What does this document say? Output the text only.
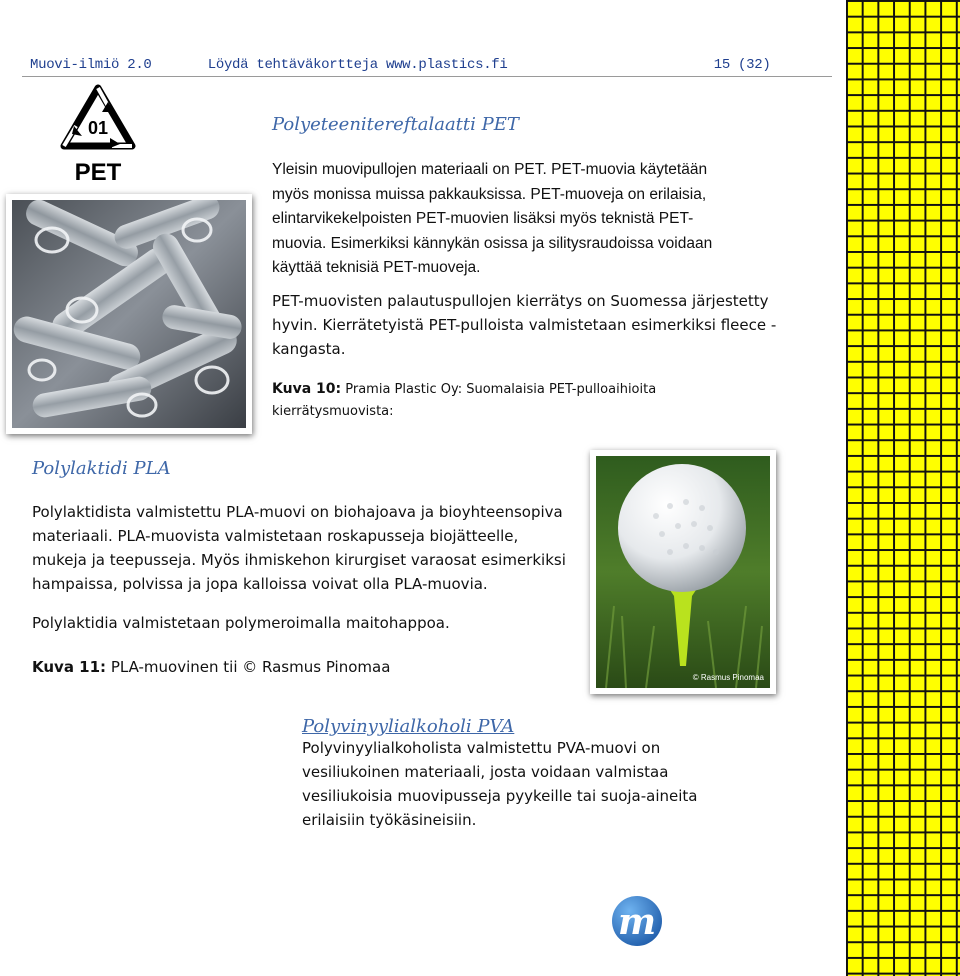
Muovi-ilmiö 2.0	Löydä tehtäväkortteja www.plastics.fi	15 (32)
01
PET
Polyeteenitereftalaatti PET
Yleisin muovipullojen materiaali on PET. PET-muovia käytetään
myös monissa muissa pakkauksissa. PET-muoveja on erilaisia,
elintarvikekelpoisten PET-muovien lisäksi myös teknistä PET-
muovia. Esimerkiksi kännykän osissa ja silitysraudoissa voidaan
käyttää teknisiä PET-muoveja.
PET-muovisten palautuspullojen kierrätys on Suomessa järjestetty
hyvin. Kierrätetyistä PET-pulloista valmistetaan esimerkiksi fleece -
kangasta.
Kuva 10: Pramia Plastic Oy: Suomalaisia PET-pulloaihioita
kierrätysmuovista:
Polylaktidi PLA
Polylaktidista valmistettu PLA-muovi on biohajoava ja bioyhteensopiva
materiaali. PLA-muovista valmistetaan roskapusseja biojätteelle,
mukeja ja teepusseja. Myös ihmiskehon kirurgiset varaosat esimerkiksi
hampaissa, polvissa ja jopa kalloissa voivat olla PLA-muovia.
Polylaktidia valmistetaan polymeroimalla maitohappoa.
Kuva 11: PLA-muovinen tii © Rasmus Pinomaa
© Rasmus Pinomaa
Polyvinyylialkoholi PVA
Polyvinyylialkoholista valmistettu PVA-muovi on
vesiliukoinen materiaali, josta voidaan valmistaa
vesiliukoisia muovipusseja pyykeille tai suoja-aineita
erilaisiin työkäsineisiin.
m
